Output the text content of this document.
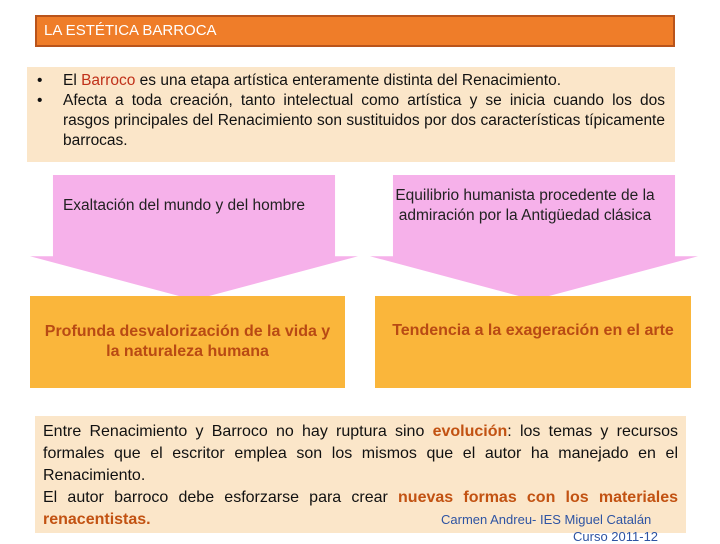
LA ESTÉTICA BARROCA
• El Barroco es una etapa artística enteramente distinta del Renacimiento.
• Afecta a toda creación, tanto intelectual como artística y se inicia cuando los dos rasgos principales del Renacimiento son sustituidos por dos características típicamente barrocas.
Exaltación del mundo y del hombre
Equilibrio humanista procedente de la admiración por la Antigüedad clásica
Profunda desvalorización de la vida y la naturaleza humana
Tendencia a la exageración en el arte

Entre Renacimiento y Barroco no hay ruptura sino evolución: los temas y recursos formales que el escritor emplea son los mismos que el autor ha manejado en el Renacimiento.

El autor barroco debe esforzarse para crear nuevas formas con los materiales renacentistas.	Carmen Andreu- IES Miguel Catalán
Curso 2011-12
